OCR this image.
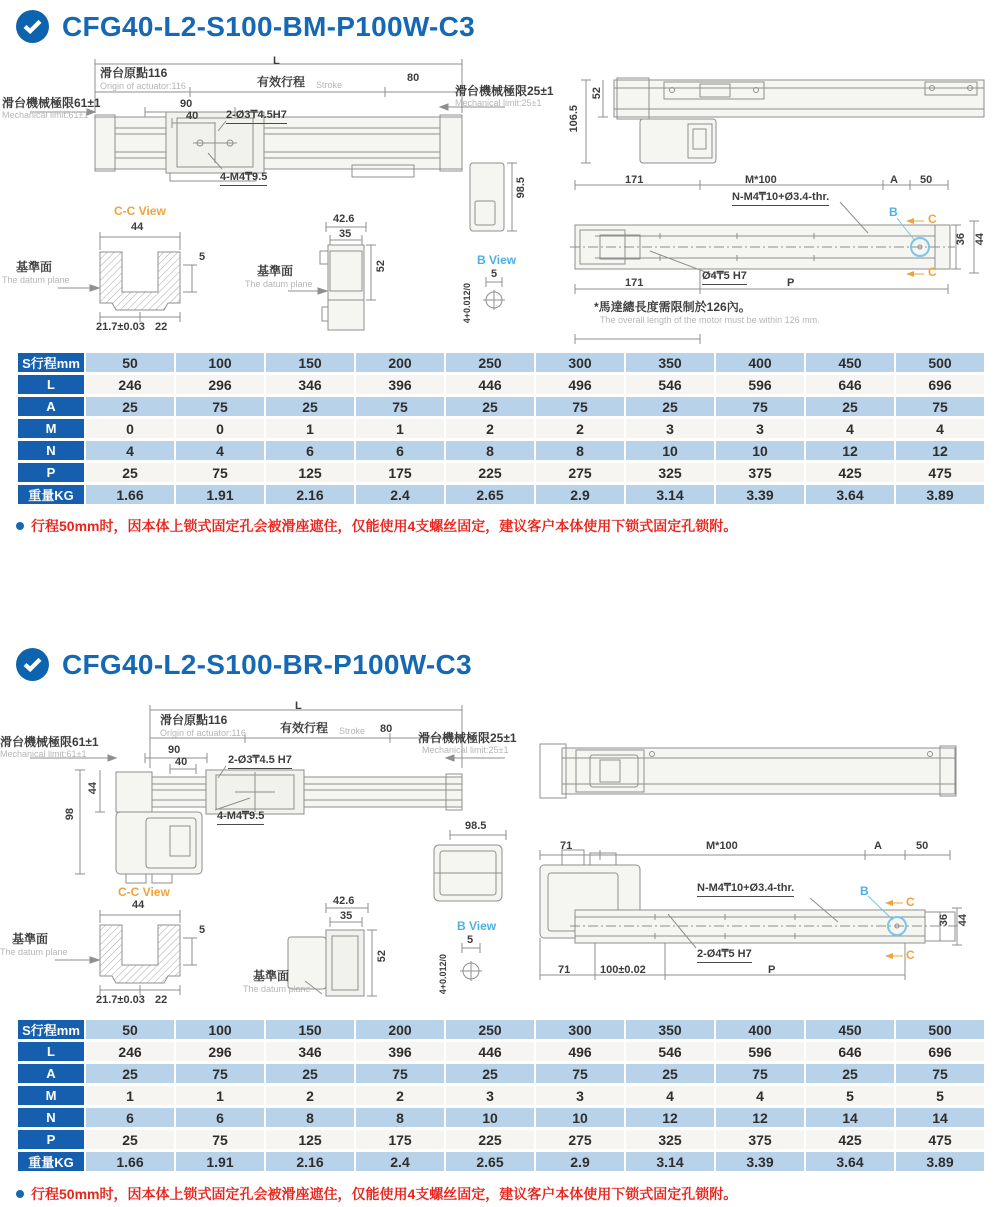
CFG40-L2-S100-BM-P100W-C3
L
滑台原點116
Origin of actuator:116	有效行程 Stroke
80
滑台機械極限61±1
Mechanical limit:61±1
滑台機械極限25±1
Mechanical limit:25±1
90
40	2-Ø3₸4.5H7
4-M4₸9.5	98.5
C-C View
44
5
21.7±0.03 22
基準面
The datum plane
42.6
35
52
基準面
The datum plane
B View
5
4+0.012/0
106.5
52
171	M*100	A 50
N-M4₸10+Ø3.4-thr.
B	C
C
36 44
Ø4₸5 H7
171	P
*馬達總長度需限制於126內。
The overall length of the motor must be within 126 mm.
S行程mm	50	100	150	200	250	300	350	400	450	500
L	246	296	346	396	446	496	546	596	646	696
A	25	75	25	75	25	75	25	75	25	75
M	0	0	1	1	2	2	3	3	4	4
N	4	4	6	6	8	8	10	10	12	12
P	25	75	125	175	225	275	325	375	425	475
重量KG	1.66	1.91	2.16	2.4	2.65	2.9	3.14	3.39	3.64	3.89
行程50mm时，因本体上锁式固定孔会被滑座遮住，仅能使用4支螺丝固定，建议客户本体使用下锁式固定孔锁附。
CFG40-L2-S100-BR-P100W-C3
L
滑台原點116
Origin of actuator:116	有效行程 Stroke 80
滑台機械極限61±1
Mechanical limit:61±1
滑台機械極限25±1
Mechanical limit:25±1
90
40	2-Ø3₸4.5 H7
4-M4₸9.5
98
44
98.5
C-C View
44
5
21.7±0.03 22
基準面
The datum plane
42.6
35
52
基準面
The datum plane
B View
5
4+0.012/0
71	M*100	A	50
N-M4₸10+Ø3.4-thr.	B
C
C
36 44
2-Ø4₸5 H7
71	100±0.02	P
S行程mm	50	100	150	200	250	300	350	400	450	500
L	246	296	346	396	446	496	546	596	646	696
A	25	75	25	75	25	75	25	75	25	75
M	1	1	2	2	3	3	4	4	5	5
N	6	6	8	8	10	10	12	12	14	14
P	25	75	125	175	225	275	325	375	425	475
重量KG	1.66	1.91	2.16	2.4	2.65	2.9	3.14	3.39	3.64	3.89
行程50mm时，因本体上锁式固定孔会被滑座遮住，仅能使用4支螺丝固定，建议客户本体使用下锁式固定孔锁附。
